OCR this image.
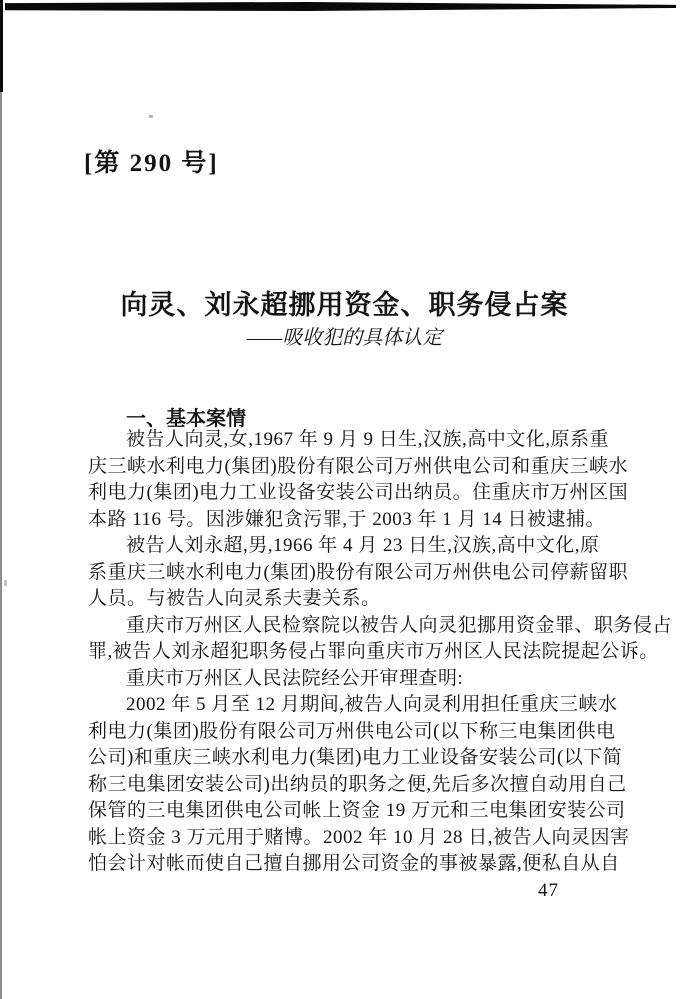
[第 290 号]
向灵、刘永超挪用资金、职务侵占案
——吸收犯的具体认定
一、基本案情
被告人向灵,女,1967 年 9 月 9 日生,汉族,高中文化,原系重
庆三峡水利电力(集团)股份有限公司万州供电公司和重庆三峡水
利电力(集团)电力工业设备安装公司出纳员。住重庆市万州区国
本路 116 号。因涉嫌犯贪污罪,于 2003 年 1 月 14 日被逮捕。
被告人刘永超,男,1966 年 4 月 23 日生,汉族,高中文化,原
系重庆三峡水利电力(集团)股份有限公司万州供电公司停薪留职
人员。与被告人向灵系夫妻关系。
重庆市万州区人民检察院以被告人向灵犯挪用资金罪、职务侵占
罪,被告人刘永超犯职务侵占罪向重庆市万州区人民法院提起公诉。
重庆市万州区人民法院经公开审理查明:
2002 年 5 月至 12 月期间,被告人向灵利用担任重庆三峡水
利电力(集团)股份有限公司万州供电公司(以下称三电集团供电
公司)和重庆三峡水利电力(集团)电力工业设备安装公司(以下简
称三电集团安装公司)出纳员的职务之便,先后多次擅自动用自己
保管的三电集团供电公司帐上资金 19 万元和三电集团安装公司
帐上资金 3 万元用于赌博。2002 年 10 月 28 日,被告人向灵因害
怕会计对帐而使自己擅自挪用公司资金的事被暴露,便私自从自
47
